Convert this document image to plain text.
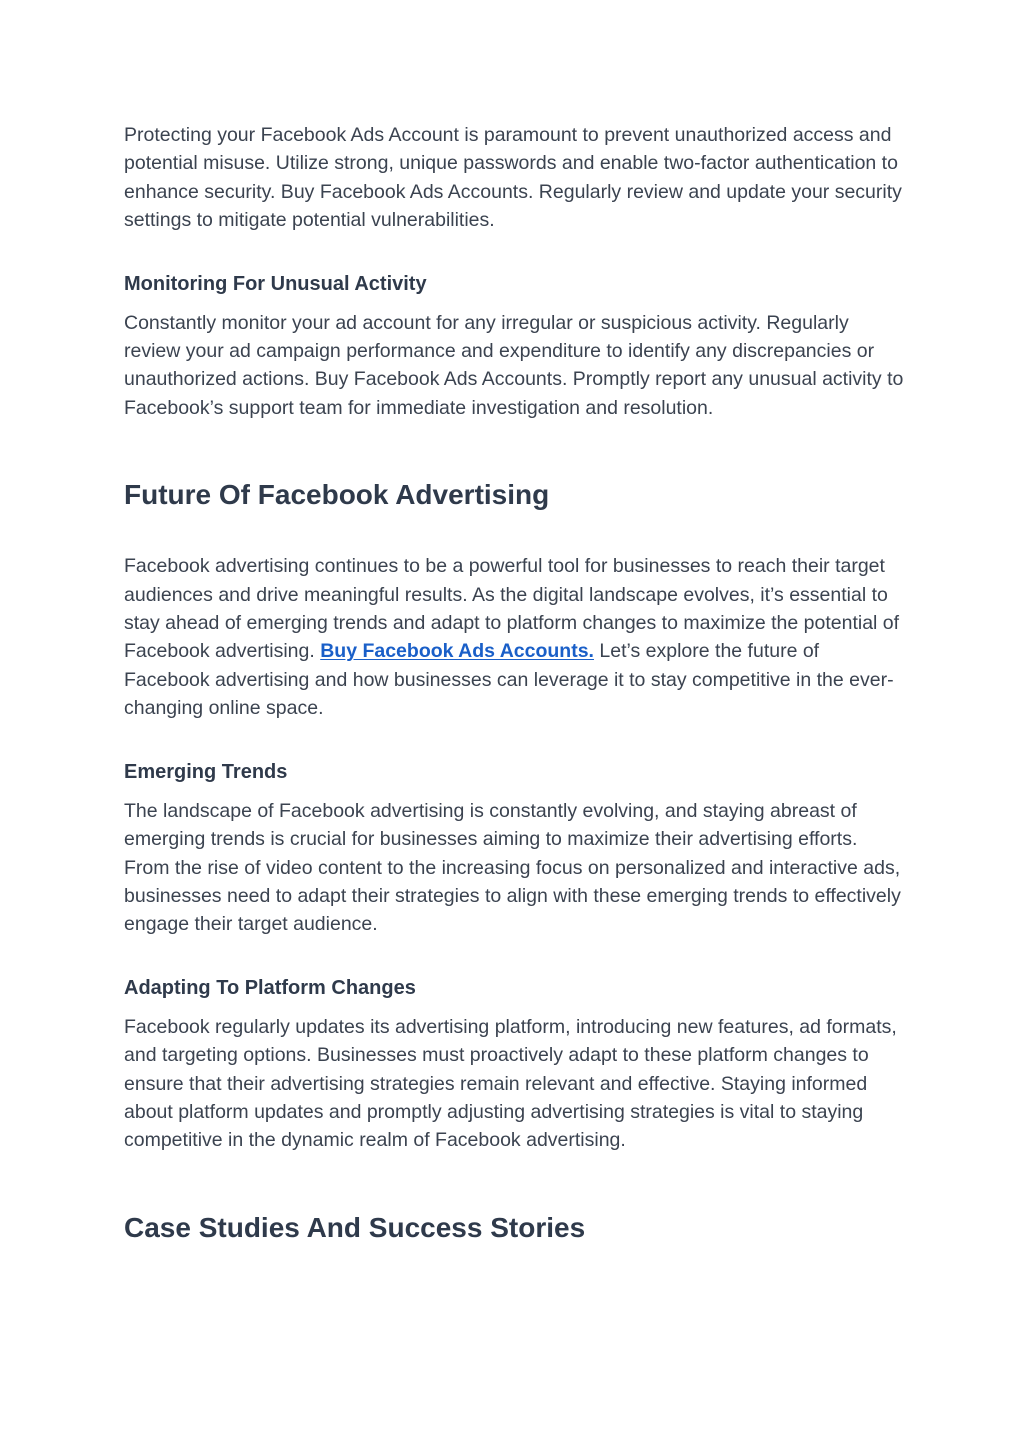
Protecting your Facebook Ads Account is paramount to prevent unauthorized access and potential misuse. Utilize strong, unique passwords and enable two-factor authentication to enhance security. Buy Facebook Ads Accounts. Regularly review and update your security settings to mitigate potential vulnerabilities.

Monitoring For Unusual Activity

Constantly monitor your ad account for any irregular or suspicious activity. Regularly review your ad campaign performance and expenditure to identify any discrepancies or unauthorized actions. Buy Facebook Ads Accounts. Promptly report any unusual activity to Facebook’s support team for immediate investigation and resolution.

Future Of Facebook Advertising

Facebook advertising continues to be a powerful tool for businesses to reach their target audiences and drive meaningful results. As the digital landscape evolves, it’s essential to stay ahead of emerging trends and adapt to platform changes to maximize the potential of Facebook advertising. Buy Facebook Ads Accounts. Let’s explore the future of Facebook advertising and how businesses can leverage it to stay competitive in the ever-changing online space.

Emerging Trends

The landscape of Facebook advertising is constantly evolving, and staying abreast of emerging trends is crucial for businesses aiming to maximize their advertising efforts. From the rise of video content to the increasing focus on personalized and interactive ads, businesses need to adapt their strategies to align with these emerging trends to effectively engage their target audience.

Adapting To Platform Changes

Facebook regularly updates its advertising platform, introducing new features, ad formats, and targeting options. Businesses must proactively adapt to these platform changes to ensure that their advertising strategies remain relevant and effective. Staying informed about platform updates and promptly adjusting advertising strategies is vital to staying competitive in the dynamic realm of Facebook advertising.

Case Studies And Success Stories
